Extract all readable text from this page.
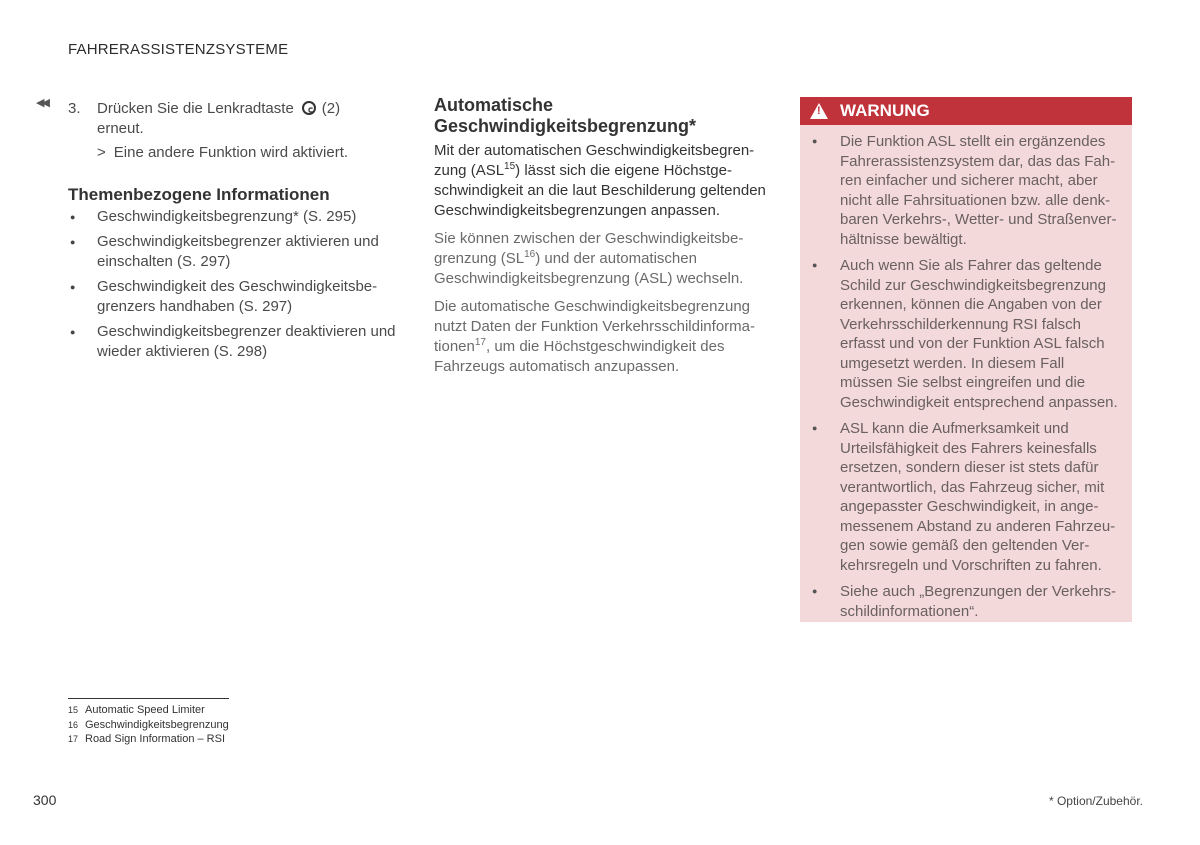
FAHRERASSISTENZSYSTEME
◀◀ 3. Drücken Sie die Lenkradtaste (2)
erneut.
> Eine andere Funktion wird aktiviert.
Themenbezogene Informationen
● Geschwindigkeitsbegrenzung* (S. 295)
● Geschwindigkeitsbegrenzer aktivieren und einschalten (S. 297)
● Geschwindigkeit des Geschwindigkeitsbegrenzers handhaben (S. 297)
● Geschwindigkeitsbegrenzer deaktivieren und wieder aktivieren (S. 298)
Automatische Geschwindigkeitsbegrenzung*

Mit der automatischen Geschwindigkeitsbegrenzung (ASL$^{15}$) lässt sich die eigene Höchstgeschwindigkeit an die laut Beschilderung geltenden Geschwindigkeitsbegrenzungen anpassen.

Sie können zwischen der Geschwindigkeitsbegrenzung (SL$^{16}$) und der automatischen Geschwindigkeitsbegrenzung (ASL) wechseln.

Die automatische Geschwindigkeitsbegrenzung nutzt Daten der Funktion Verkehrsschildinformationen$^{17}$, um die Höchstgeschwindigkeit des Fahrzeugs automatisch anzupassen.

! WARNUNG
● Die Funktion ASL stellt ein ergänzendes Fahrerassistenzsystem dar, das das Fahren einfacher und sicherer macht, aber nicht alle Fahrsituationen bzw. alle denkbaren Verkehrs-, Wetter- und Straßenverhältnisse bewältigt.
● Auch wenn Sie als Fahrer das geltende Schild zur Geschwindigkeitsbegrenzung erkennen, können die Angaben von der Verkehrsschilderkennung RSI falsch erfasst und von der Funktion ASL falsch umgesetzt werden. In diesem Fall müssen Sie selbst eingreifen und die Geschwindigkeit entsprechend anpassen.
● ASL kann die Aufmerksamkeit und Urteilsfähigkeit des Fahrers keinesfalls ersetzen, sondern dieser ist stets dafür verantwortlich, das Fahrzeug sicher, mit angepasster Geschwindigkeit, in angemessenem Abstand zu anderen Fahrzeugen sowie gemäß den geltenden Verkehrsregeln und Vorschriften zu fahren.
● Siehe auch „Begrenzungen der Verkehrsschildinformationen“.
15 Automatic Speed Limiter
16 Geschwindigkeitsbegrenzung
17 Road Sign Information – RSI
300	* Option/Zubehör.
